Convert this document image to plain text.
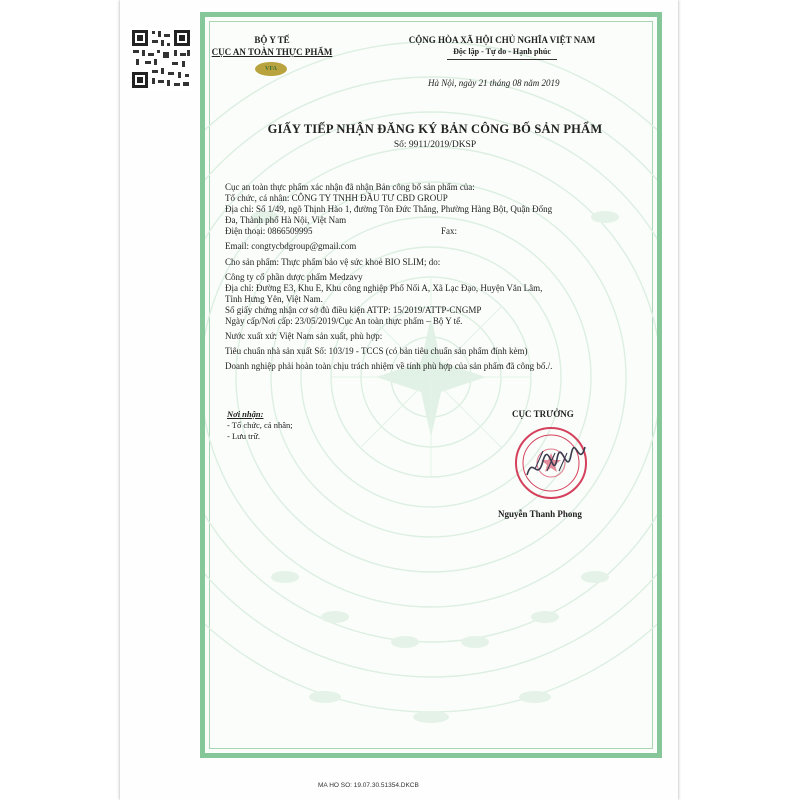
BỘ Y TẾ
CỤC AN TOÀN THỰC PHẨM
VFA
CỘNG HÒA XÃ HỘI CHỦ NGHĨA VIỆT NAM
Độc lập - Tự do - Hạnh phúc
Hà Nội, ngày 21 tháng 08 năm 2019
GIẤY TIẾP NHẬN ĐĂNG KÝ BẢN CÔNG BỐ SẢN PHẨM
Số: 9911/2019/DKSP
Cục an toàn thực phẩm xác nhận đã nhận Bản công bố sản phẩm của:
Tổ chức, cá nhân: CÔNG TY TNHH ĐẦU TƯ CBD GROUP
Địa chỉ: Số 1/49, ngõ Thịnh Hào 1, đường Tôn Đức Thắng, Phường Hàng Bột, Quận Đống
Đa, Thành phố Hà Nội, Việt Nam
Điện thoại: 0866509995	Fax:
Email: congtycbdgroup@gmail.com
Cho sản phẩm: Thực phẩm bảo vệ sức khoẻ BIO SLIM; do:
Công ty cổ phần dược phẩm Medzavy
Địa chỉ: Đường E3, Khu E, Khu công nghiệp Phố Nối A, Xã Lạc Đạo, Huyện Văn Lâm,
Tỉnh Hưng Yên, Việt Nam.
Số giấy chứng nhận cơ sở đủ điều kiện ATTP: 15/2019/ATTP-CNGMP
Ngày cấp/Nơi cấp: 23/05/2019/Cục An toàn thực phẩm – Bộ Y tế.
Nước xuất xứ: Việt Nam sản xuất, phù hợp:
Tiêu chuẩn nhà sản xuất Số: 103/19 - TCCS (có bản tiêu chuẩn sản phẩm đính kèm)
Doanh nghiệp phải hoàn toàn chịu trách nhiệm về tính phù hợp của sản phẩm đã công bố./.
Nơi nhận:
- Tổ chức, cá nhân;
- Lưu trữ.
CỤC TRƯỞNG
Nguyễn Thanh Phong
MA HO SO: 19.07.30.51354.DKCB
